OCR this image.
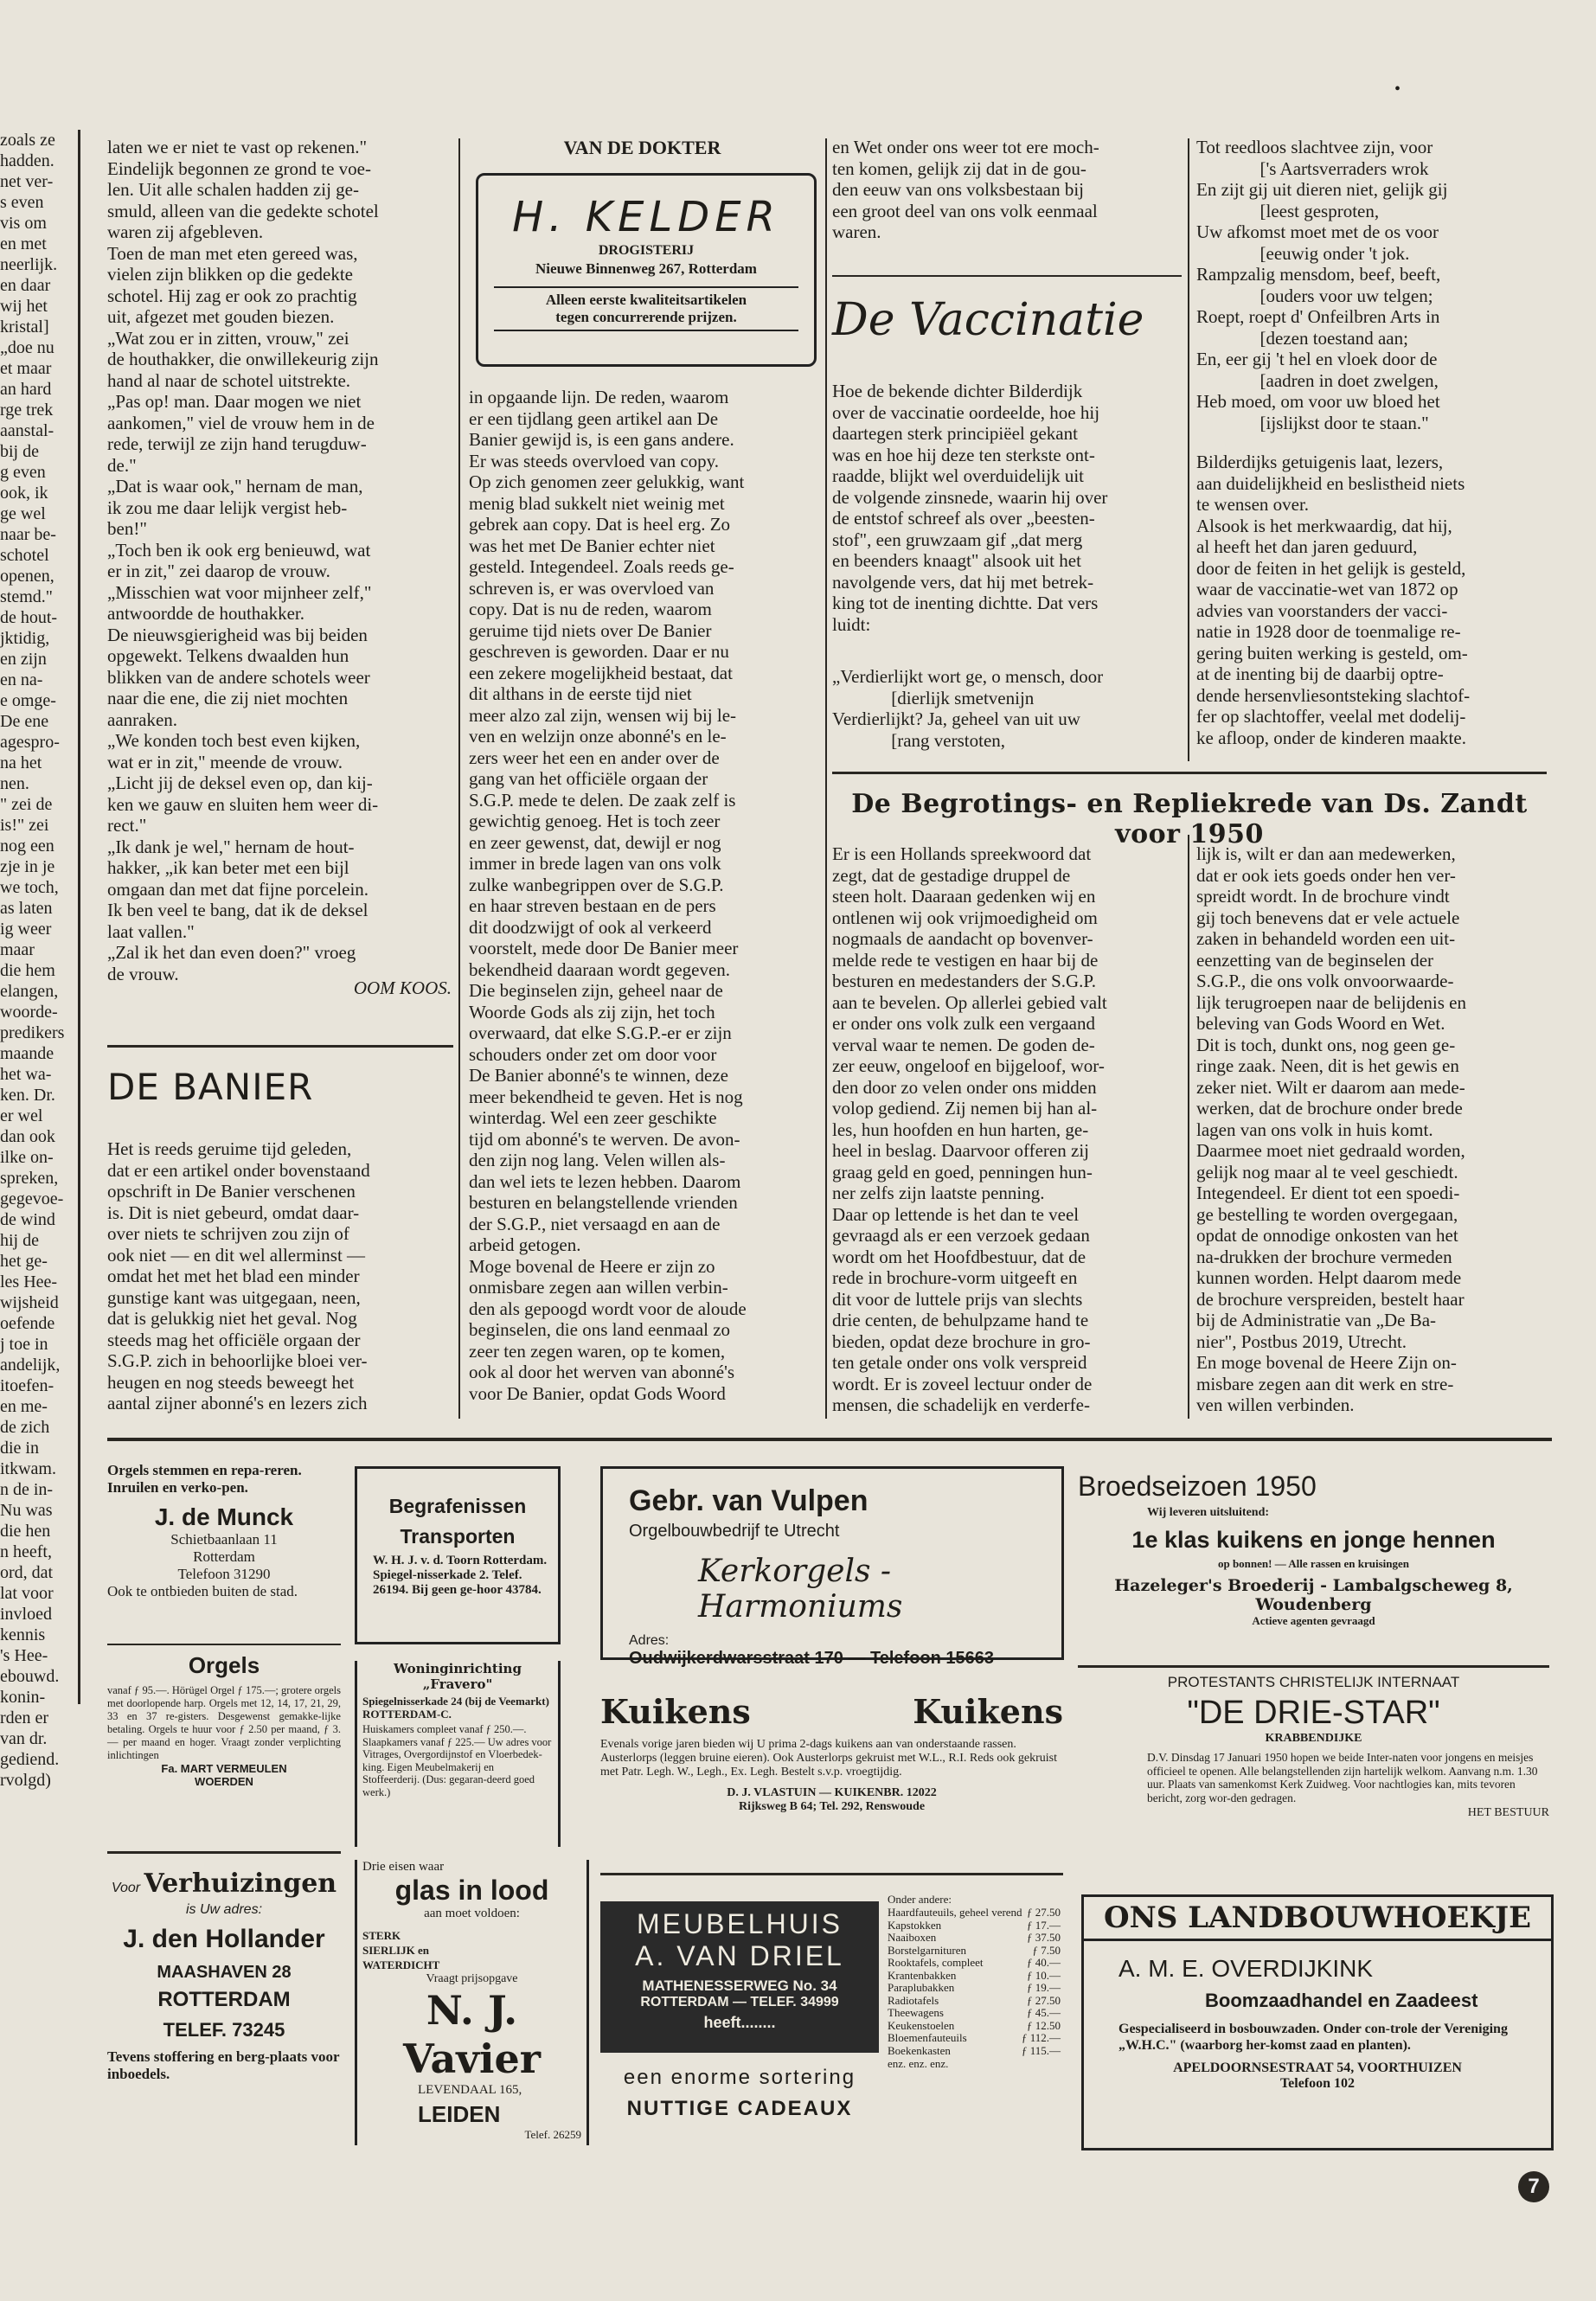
zoals ze
hadden.
net ver-
s even
vis om
en met
neerlijk.
en daar
wij het
kristal]
„doe nu
et maar
an hard
rge trek
aanstal-
bij de
g even
ook, ik
ge wel
naar be-
schotel
openen,
stemd."
de hout-
jktidig,
en zijn
en na-
e omge-
De ene
agespro-
na het
nen.
" zei de
is!" zei
nog een
zje in je
we toch,
as laten
ig weer
maar
die hem
elangen,
woorde-
predikers
maande
het wa-
ken. Dr.
er wel
dan ook
ilke on-
spreken,
gegevoe-
de wind
hij de
het ge-
les Hee-
wijsheid
oefende
j toe in
andelijk,
itoefen-
en me-
de zich
die in
itkwam.
n de in-
Nu was
die hen
n heeft,
ord, dat
lat voor
invloed
kennis
's Hee-
ebouwd.
konin-
rden er
van dr.
gediend.
rvolgd)
laten we er niet te vast op rekenen."
Eindelijk begonnen ze grond te voe-
len. Uit alle schalen hadden zij ge-
smuld, alleen van die gedekte schotel
waren zij afgebleven.
Toen de man met eten gereed was,
vielen zijn blikken op die gedekte
schotel. Hij zag er ook zo prachtig
uit, afgezet met gouden biezen.
„Wat zou er in zitten, vrouw," zei
de houthakker, die onwillekeurig zijn
hand al naar de schotel uitstrekte.
„Pas op! man. Daar mogen we niet
aankomen," viel de vrouw hem in de
rede, terwijl ze zijn hand terugduw-
de."
„Dat is waar ook," hernam de man,
ik zou me daar lelijk vergist heb-
ben!"
„Toch ben ik ook erg benieuwd, wat
er in zit," zei daarop de vrouw.
„Misschien wat voor mijnheer zelf,"
antwoordde de houthakker.
De nieuwsgierigheid was bij beiden
opgewekt. Telkens dwaalden hun
blikken van de andere schotels weer
naar die ene, die zij niet mochten
aanraken.
„We konden toch best even kijken,
wat er in zit," meende de vrouw.
„Licht jij de deksel even op, dan kij-
ken we gauw en sluiten hem weer di-
rect."
„Ik dank je wel," hernam de hout-
hakker, „ik kan beter met een bijl
omgaan dan met dat fijne porcelein.
Ik ben veel te bang, dat ik de deksel
laat vallen."
„Zal ik het dan even doen?" vroeg
de vrouw.
OOM KOOS.
DE BANIER
Het is reeds geruime tijd geleden,
dat er een artikel onder bovenstaand
opschrift in De Banier verschenen
is. Dit is niet gebeurd, omdat daar-
over niets te schrijven zou zijn of
ook niet — en dit wel allerminst —
omdat het met het blad een minder
gunstige kant was uitgegaan, neen,
dat is gelukkig niet het geval. Nog
steeds mag het officiële orgaan der
S.G.P. zich in behoorlijke bloei ver-
heugen en nog steeds beweegt het
aantal zijner abonné's en lezers zich
VAN DE DOKTER
H. KELDER
DROGISTERIJ
Nieuwe Binnenweg 267, Rotterdam
Alleen eerste kwaliteitsartikelen
tegen concurrerende prijzen.
in opgaande lijn. De reden, waarom
er een tijdlang geen artikel aan De
Banier gewijd is, is een gans andere.
Er was steeds overvloed van copy.
Op zich genomen zeer gelukkig, want
menig blad sukkelt niet weinig met
gebrek aan copy. Dat is heel erg. Zo
was het met De Banier echter niet
gesteld. Integendeel. Zoals reeds ge-
schreven is, er was overvloed van
copy. Dat is nu de reden, waarom
geruime tijd niets over De Banier
geschreven is geworden. Daar er nu
een zekere mogelijkheid bestaat, dat
dit althans in de eerste tijd niet
meer alzo zal zijn, wensen wij bij le-
ven en welzijn onze abonné's en le-
zers weer het een en ander over de
gang van het officiële orgaan der
S.G.P. mede te delen. De zaak zelf is
gewichtig genoeg. Het is toch zeer
en zeer gewenst, dat, dewijl er nog
immer in brede lagen van ons volk
zulke wanbegrippen over de S.G.P.
en haar streven bestaan en de pers
dit doodzwijgt of ook al verkeerd
voorstelt, mede door De Banier meer
bekendheid daaraan wordt gegeven.
Die beginselen zijn, geheel naar de
Woorde Gods als zij zijn, het toch
overwaard, dat elke S.G.P.-er er zijn
schouders onder zet om door voor
De Banier abonné's te winnen, deze
meer bekendheid te geven. Het is nog
winterdag. Wel een zeer geschikte
tijd om abonné's te werven. De avon-
den zijn nog lang. Velen willen als-
dan wel iets te lezen hebben. Daarom
besturen en belangstellende vrienden
der S.G.P., niet versaagd en aan de
arbeid getogen.
Moge bovenal de Heere er zijn zo
onmisbare zegen aan willen verbin-
den als gepoogd wordt voor de aloude
beginselen, die ons land eenmaal zo
zeer ten zegen waren, op te komen,
ook al door het werven van abonné's
voor De Banier, opdat Gods Woord
en Wet onder ons weer tot ere moch-
ten komen, gelijk zij dat in de gou-
den eeuw van ons volksbestaan bij
een groot deel van ons volk eenmaal
waren.
De Vaccinatie
Hoe de bekende dichter Bilderdijk
over de vaccinatie oordeelde, hoe hij
daartegen sterk principiëel gekant
was en hoe hij deze ten sterkste ont-
raadde, blijkt wel overduidelijk uit
de volgende zinsnede, waarin hij over
de entstof schreef als over „beesten-
stof", een gruwzaam gif „dat merg
en beenders knaagt" alsook uit het
navolgende vers, dat hij met betrek-
king tot de inenting dichtte. Dat vers
luidt:
„Verdierlijkt wort ge, o mensch, door
[dierlijk smetvenijn
Verdierlijkt? Ja, geheel van uit uw
[rang verstoten,
Tot reedloos slachtvee zijn, voor
['s Aartsverraders wrok
En zijt gij uit dieren niet, gelijk gij
[leest gesproten,
Uw afkomst moet met de os voor
[eeuwig onder 't jok.
Rampzalig mensdom, beef, beeft,
[ouders voor uw telgen;
Roept, roept d' Onfeilbren Arts in
[dezen toestand aan;
En, eer gij 't hel en vloek door de
[aadren in doet zwelgen,
Heb moed, om voor uw bloed het
[ijslijkst door te staan."
Bilderdijks getuigenis laat, lezers,
aan duidelijkheid en beslistheid niets
te wensen over.
Alsook is het merkwaardig, dat hij,
al heeft het dan jaren geduurd,
door de feiten in het gelijk is gesteld,
waar de vaccinatie-wet van 1872 op
advies van voorstanders der vacci-
natie in 1928 door de toenmalige re-
gering buiten werking is gesteld, om-
at de inenting bij de daarbij optre-
dende hersenvliesontsteking slachtof-
fer op slachtoffer, veelal met dodelij-
ke afloop, onder de kinderen maakte.
De Begrotings- en Repliekrede van Ds. Zandt voor 1950
Er is een Hollands spreekwoord dat
zegt, dat de gestadige druppel de
steen holt. Daaraan gedenken wij en
ontlenen wij ook vrijmoedigheid om
nogmaals de aandacht op bovenver-
melde rede te vestigen en haar bij de
besturen en medestanders der S.G.P.
aan te bevelen. Op allerlei gebied valt
er onder ons volk zulk een vergaand
verval waar te nemen. De goden de-
zer eeuw, ongeloof en bijgeloof, wor-
den door zo velen onder ons midden
volop gediend. Zij nemen bij han al-
les, hun hoofden en hun harten, ge-
heel in beslag. Daarvoor offeren zij
graag geld en goed, penningen hun-
ner zelfs zijn laatste penning.
Daar op lettende is het dan te veel
gevraagd als er een verzoek gedaan
wordt om het Hoofdbestuur, dat de
rede in brochure-vorm uitgeeft en
dit voor de luttele prijs van slechts
drie centen, de behulpzame hand te
bieden, opdat deze brochure in gro-
ten getale onder ons volk verspreid
wordt. Er is zoveel lectuur onder de
mensen, die schadelijk en verderfe-
lijk is, wilt er dan aan medewerken,
dat er ook iets goeds onder hen ver-
spreidt wordt. In de brochure vindt
gij toch benevens dat er vele actuele
zaken in behandeld worden een uit-
eenzetting van de beginselen der
S.G.P., die ons volk onvoorwaarde-
lijk terugroepen naar de belijdenis en
beleving van Gods Woord en Wet.
Dit is toch, dunkt ons, nog geen ge-
ringe zaak. Neen, dit is het gewis en
zeker niet. Wilt er daarom aan mede-
werken, dat de brochure onder brede
lagen van ons volk in huis komt.
Daarmee moet niet gedraald worden,
gelijk nog maar al te veel geschiedt.
Integendeel. Er dient tot een spoedi-
ge bestelling te worden overgegaan,
opdat de onnodige onkosten van het
na-drukken der brochure vermeden
kunnen worden. Helpt daarom mede
de brochure verspreiden, bestelt haar
bij de Administratie van „De Ba-
nier", Postbus 2019, Utrecht.
En moge bovenal de Heere Zijn on-
misbare zegen aan dit werk en stre-
ven willen verbinden.
Orgels stemmen en repa-reren. Inruilen en verko-pen.
J. de Munck
Schietbaanlaan 11
Rotterdam
Telefoon 31290
Ook te ontbieden buiten de stad.
Orgels
vanaf ƒ 95.—. Hörügel Orgel ƒ 175.—; grotere orgels met doorlopende harp. Orgels met 12, 14, 17, 21, 29, 33 en 37 re-gisters. Desgewenst gemakke-lijke betaling. Orgels te huur voor ƒ 2.50 per maand, ƒ 3.— per maand en hoger. Vraagt zonder verplichting inlichtingen
Fa. MART VERMEULEN
WOERDEN
Voor Verhuizingen
is Uw adres:
J. den Hollander
MAASHAVEN 28
ROTTERDAM
TELEF. 73245
Tevens stoffering en berg-plaats voor inboedels.
Begrafenissen
Transporten
W. H. J. v. d. Toorn Rotterdam. Spiegel-nisserkade 2. Telef. 26194. Bij geen ge-hoor 43784.
Woninginrichting „Fravero"
Spiegelnisserkade 24 (bij de Veemarkt) ROTTERDAM-C.
Huiskamers compleet vanaf ƒ 250.—. Slaapkamers vanaf ƒ 225.— Uw adres voor Vitrages, Overgordijnstof en Vloerbedek-king. Eigen Meubelmakerij en Stoffeerderij. (Dus: gegaran-deerd goed werk.)
Drie eisen waar
glas in lood
aan moet voldoen:
STERK
SIERLIJK en
WATERDICHT
Vraagt prijsopgave
N. J. Vavier
LEVENDAAL 165,
LEIDEN
Telef. 26259
Gebr. van Vulpen
Orgelbouwbedrijf te Utrecht
Kerkorgels - Harmoniums
Adres:
Oudwijkerdwarsstraat 170 — Telefoon 15663
Kuikens	Kuikens
Evenals vorige jaren bieden wij U prima 2-dags kuikens aan van onderstaande rassen. Austerlorps (leggen bruine eieren). Ook Austerlorps gekruist met W.L., R.I. Reds ook gekruist met Patr. Legh. W., Legh., Ex. Legh. Bestelt s.v.p. vroegtijdig.
D. J. VLASTUIN — KUIKENBR. 12022
Rijksweg B 64; Tel. 292, Renswoude
MEUBELHUIS
A. VAN DRIEL
MATHENESSERWEG No. 34
ROTTERDAM — TELEF. 34999
heeft........
een enorme sortering
NUTTIGE CADEAUX
Onder andere:
Haardfauteuils, geheel verend ƒ 27.50
Kapstokken	ƒ 17.—
Naaiboxen	ƒ 37.50
Borstelgarnituren	ƒ 7.50
Rooktafels, compleet	ƒ 40.—
Krantenbakken	ƒ 10.—
Paraplubakken	ƒ 19.—
Radiotafels	ƒ 27.50
Theewagens	ƒ 45.—
Keukenstoelen	ƒ 12.50
Bloemenfauteuils	ƒ 112.—
Boekenkasten	ƒ 115.—
enz. enz. enz.
Broedseizoen 1950
Wij leveren uitsluitend:
1e klas kuikens en jonge hennen
op bonnen! — Alle rassen en kruisingen
Hazeleger's Broederij - Lambalgscheweg 8, Woudenberg
Actieve agenten gevraagd
PROTESTANTS CHRISTELIJK INTERNAAT
"DE DRIE-STAR"
KRABBENDIJKE
D.V. Dinsdag 17 Januari 1950 hopen we beide Inter-naten voor jongens en meisjes officieel te openen. Alle belangstellenden zijn hartelijk welkom. Aanvang n.m. 1.30 uur. Plaats van samenkomst Kerk Zuidweg. Voor nachtlogies kan, mits tevoren bericht, zorg wor-den gedragen.
HET BESTUUR
ONS LANDBOUWHOEKJE
A. M. E. OVERDIJKINK
Boomzaadhandel en Zaadeest
Gespecialiseerd in bosbouwzaden. Onder con-trole der Vereniging „W.H.C." (waarborg her-komst zaad en planten).
APELDOORNSESTRAAT 54, VOORTHUIZEN
Telefoon 102
7
•
